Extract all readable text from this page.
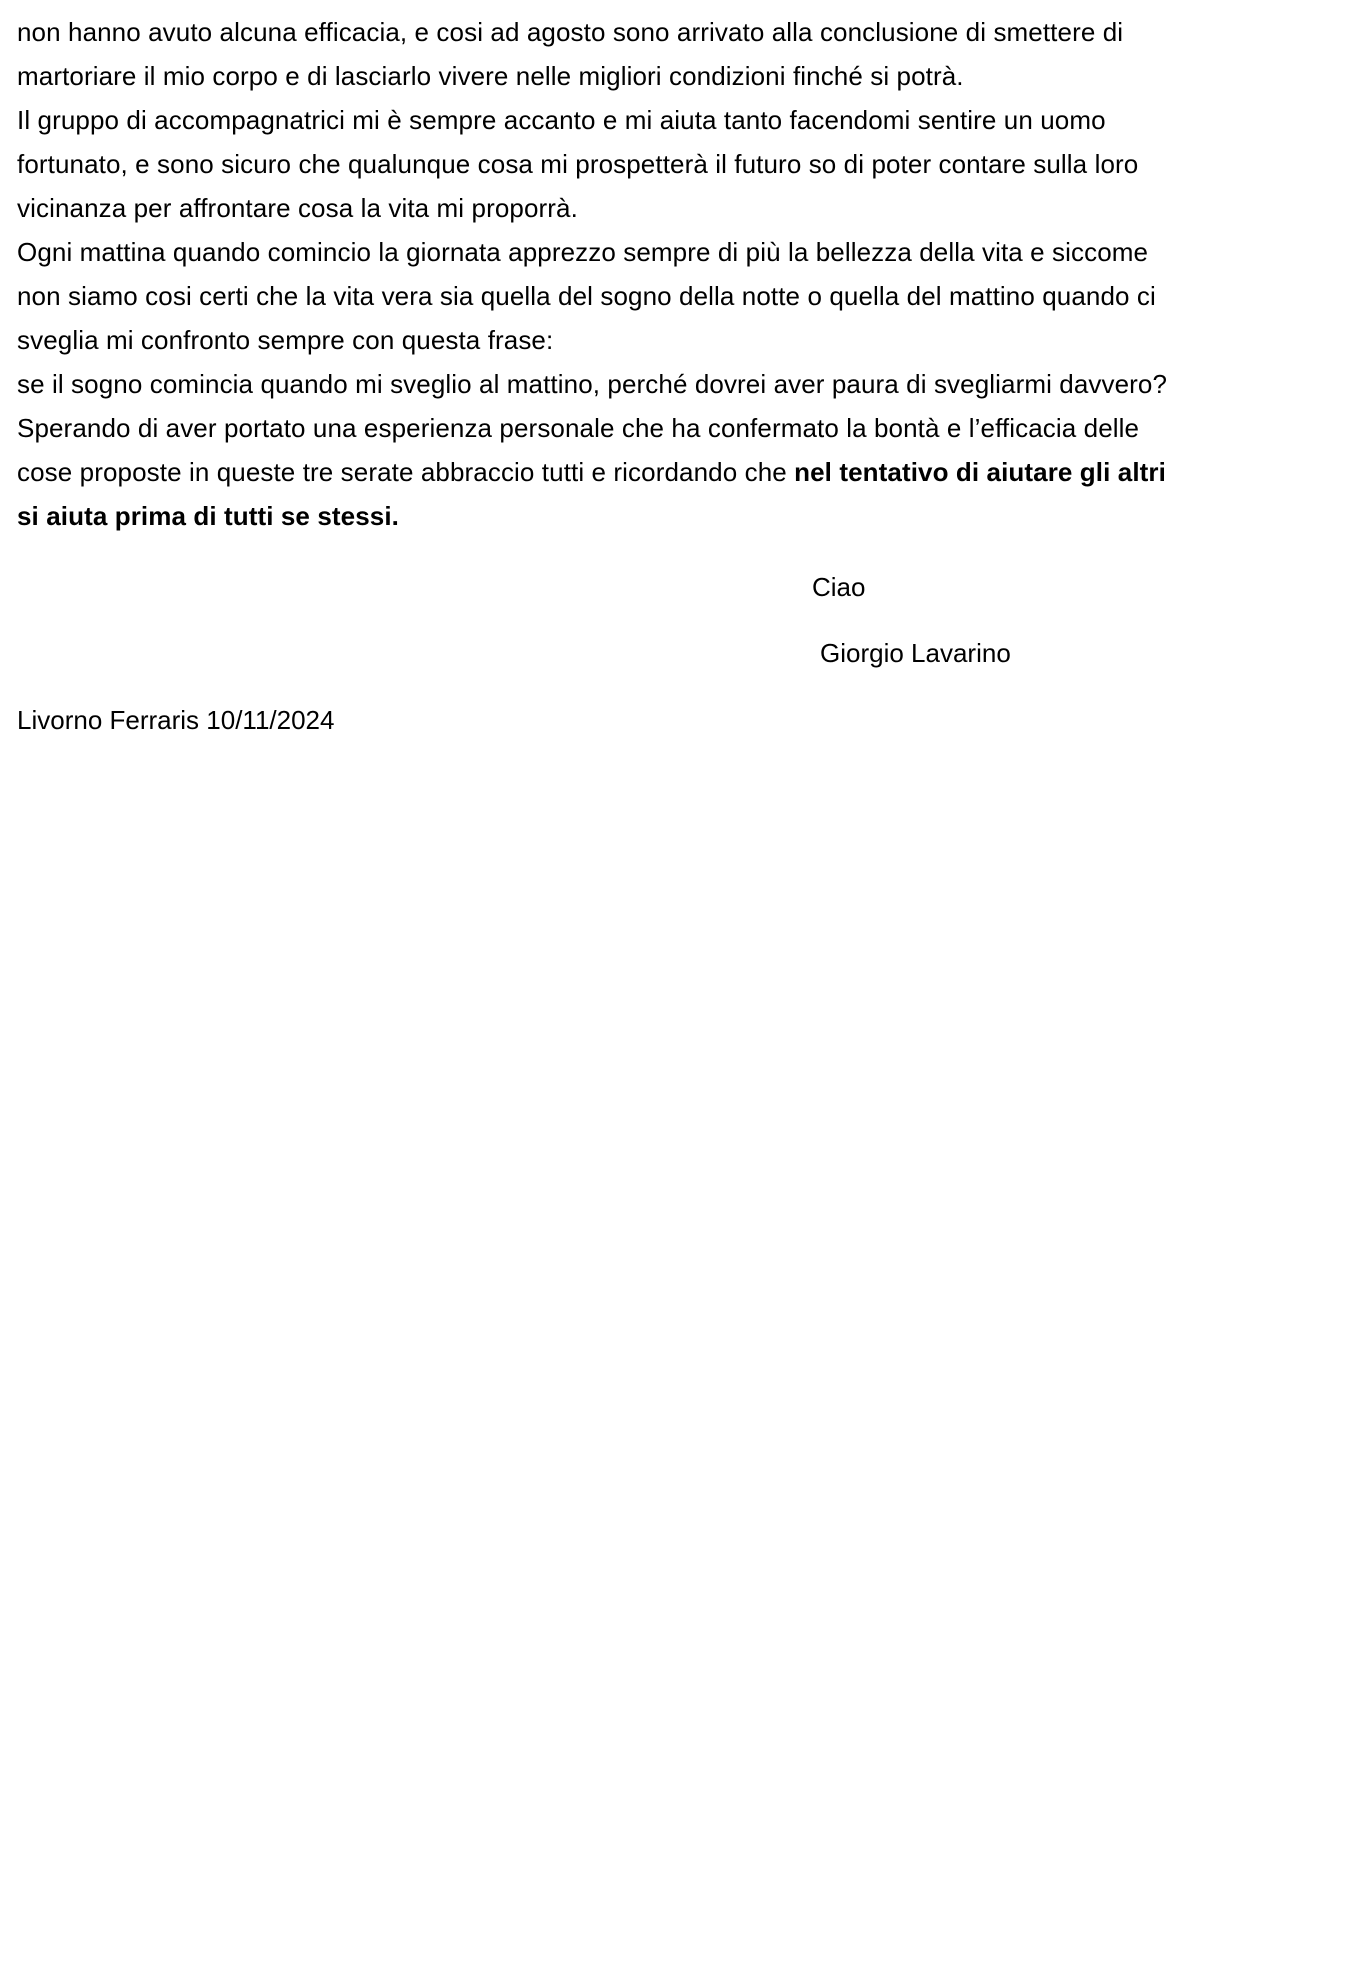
non hanno avuto alcuna efficacia, e cosi ad agosto sono arrivato alla conclusione di smettere di
martoriare il mio corpo e di lasciarlo vivere nelle migliori condizioni finché si potrà.
Il gruppo di accompagnatrici mi è sempre accanto e mi aiuta tanto facendomi sentire un uomo
fortunato, e sono sicuro che qualunque cosa mi prospetterà il futuro so di poter contare sulla loro
vicinanza per affrontare cosa la vita mi proporrà.
Ogni mattina quando comincio la giornata apprezzo sempre di più la bellezza della vita e siccome
non siamo cosi certi che la vita vera sia quella del sogno della notte o quella del mattino quando ci
sveglia mi confronto sempre con questa frase:
se il sogno comincia quando mi sveglio al mattino, perché dovrei aver paura di svegliarmi davvero?
Sperando di aver portato una esperienza personale che ha confermato la bontà e l’efficacia delle
cose proposte in queste tre serate abbraccio tutti e ricordando che nel tentativo di aiutare gli altri
si aiuta prima di tutti se stessi.
Ciao
Giorgio Lavarino
Livorno Ferraris 10/11/2024
